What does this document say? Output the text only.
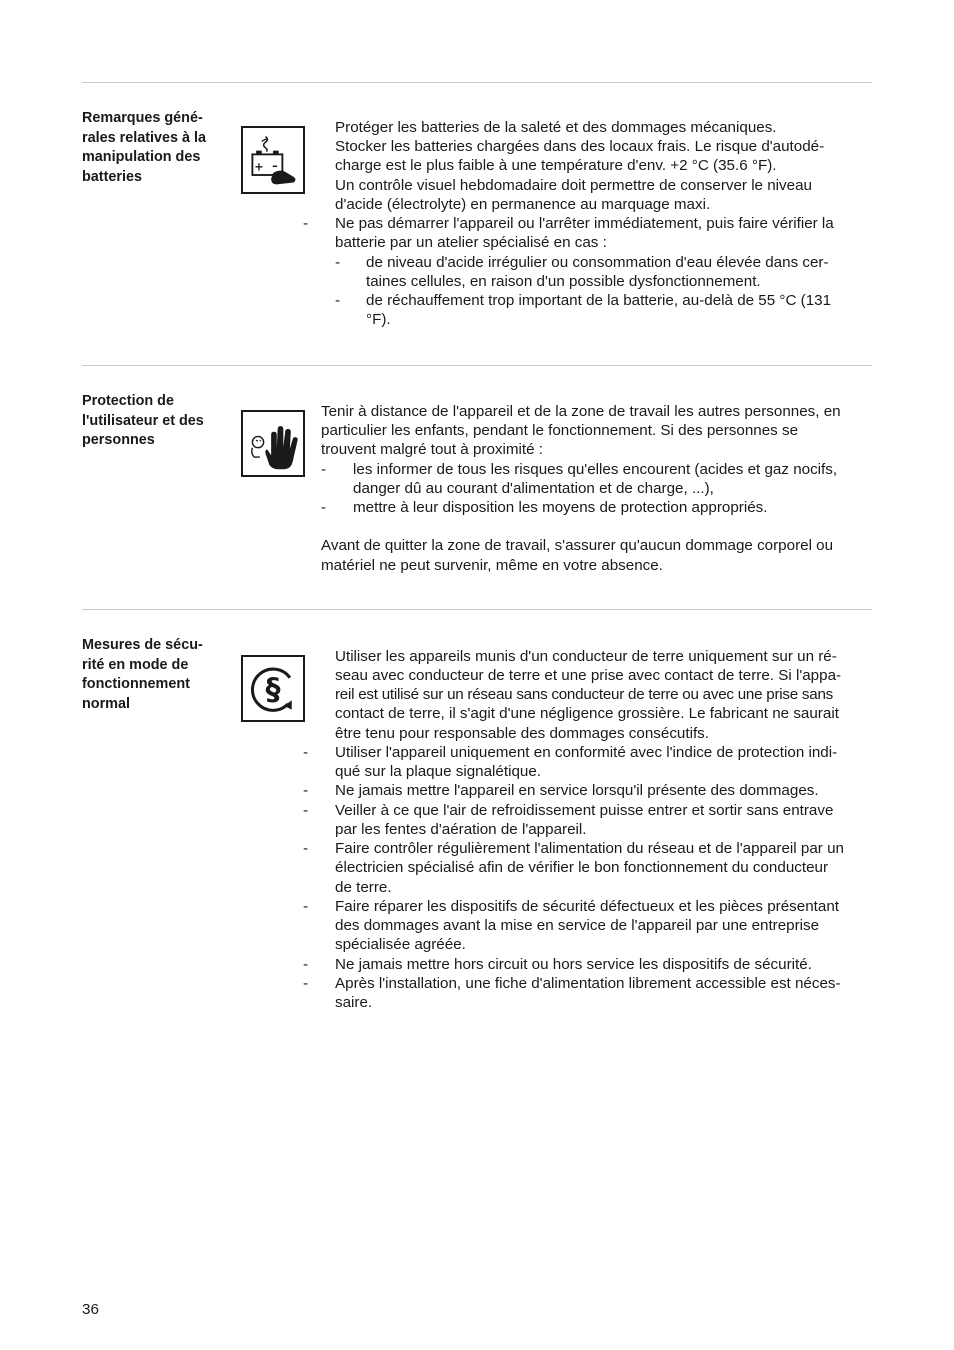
Remarques géné-
rales relatives à la
manipulation des
batteries
+ –
Protéger les batteries de la saleté et des dommages mécaniques.
Stocker les batteries chargées dans des locaux frais. Le risque d'autodé-
charge est le plus faible à une température d'env. +2 °C (35.6 °F).
Un contrôle visuel hebdomadaire doit permettre de conserver le niveau
d'acide (électrolyte) en permanence au marquage maxi.
- Ne pas démarrer l'appareil ou l'arrêter immédiatement, puis faire vérifier la
batterie par un atelier spécialisé en cas :
- de niveau d'acide irrégulier ou consommation d'eau élevée dans cer-
taines cellules, en raison d'un possible dysfonctionnement.
- de réchauffement trop important de la batterie, au-delà de 55 °C (131
°F).
Protection de
l'utilisateur et des
personnes
Tenir à distance de l'appareil et de la zone de travail les autres personnes, en
particulier les enfants, pendant le fonctionnement. Si des personnes se
trouvent malgré tout à proximité :
- les informer de tous les risques qu'elles encourent (acides et gaz nocifs,
danger dû au courant d'alimentation et de charge, ...),
- mettre à leur disposition les moyens de protection appropriés.
Avant de quitter la zone de travail, s'assurer qu'aucun dommage corporel ou
matériel ne peut survenir, même en votre absence.
Mesures de sécu-
rité en mode de
fonctionnement
normal	§
Utiliser les appareils munis d'un conducteur de terre uniquement sur un ré-
seau avec conducteur de terre et une prise avec contact de terre. Si l'appa-
reil est utilisé sur un réseau sans conducteur de terre ou avec une prise sans
contact de terre, il s'agit d'une négligence grossière. Le fabricant ne saurait
être tenu pour responsable des dommages consécutifs.
- Utiliser l'appareil uniquement en conformité avec l'indice de protection indi-
qué sur la plaque signalétique.
- Ne jamais mettre l'appareil en service lorsqu'il présente des dommages.
- Veiller à ce que l'air de refroidissement puisse entrer et sortir sans entrave
par les fentes d'aération de l'appareil.
- Faire contrôler régulièrement l'alimentation du réseau et de l'appareil par un
électricien spécialisé afin de vérifier le bon fonctionnement du conducteur
de terre.
- Faire réparer les dispositifs de sécurité défectueux et les pièces présentant
des dommages avant la mise en service de l'appareil par une entreprise
spécialisée agréée.
- Ne jamais mettre hors circuit ou hors service les dispositifs de sécurité.
- Après l'installation, une fiche d'alimentation librement accessible est néces-
saire.
36
